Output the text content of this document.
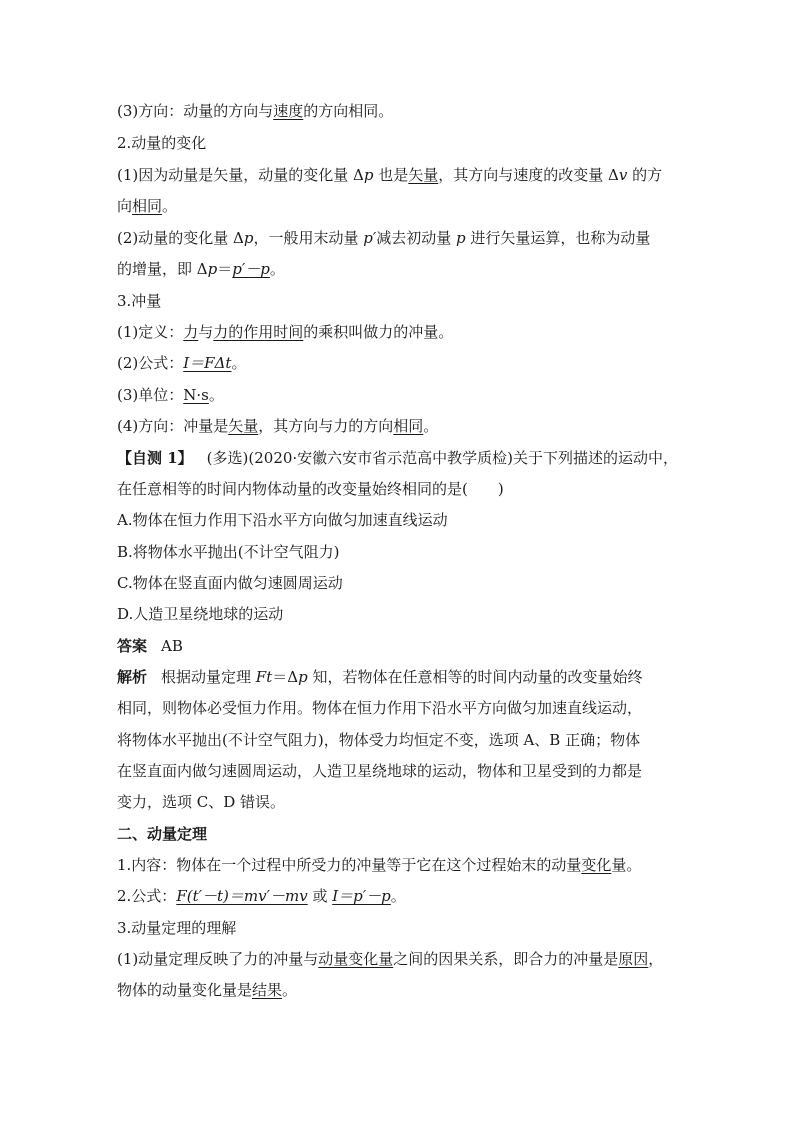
(3)方向：动量的方向与速度的方向相同。
2.动量的变化
(1)因为动量是矢量，动量的变化量 Δp 也是矢量，其方向与速度的改变量 Δv 的方
向相同。
(2)动量的变化量 Δp，一般用末动量 p′减去初动量 p 进行矢量运算，也称为动量
的增量，即 Δp＝p′－p。
3.冲量
(1)定义：力与力的作用时间的乘积叫做力的冲量。
(2)公式：I＝FΔt。
(3)单位：N·s。
(4)方向：冲量是矢量，其方向与力的方向相同。
【自测 1】 (多选)(2020·安徽六安市省示范高中教学质检)关于下列描述的运动中，
在任意相等的时间内物体动量的改变量始终相同的是(　　)
A.物体在恒力作用下沿水平方向做匀加速直线运动
B.将物体水平抛出(不计空气阻力)
C.物体在竖直面内做匀速圆周运动
D.人造卫星绕地球的运动
答案 AB
解析 根据动量定理 Ft＝Δp 知，若物体在任意相等的时间内动量的改变量始终
相同，则物体必受恒力作用。物体在恒力作用下沿水平方向做匀加速直线运动，
将物体水平抛出(不计空气阻力)，物体受力均恒定不变，选项 A、B 正确；物体
在竖直面内做匀速圆周运动，人造卫星绕地球的运动，物体和卫星受到的力都是
变力，选项 C、D 错误。
二、动量定理
1.内容：物体在一个过程中所受力的冲量等于它在这个过程始末的动量变化量。
2.公式：F(t′－t)＝mv′－mv 或 I＝p′－p。
3.动量定理的理解
(1)动量定理反映了力的冲量与动量变化量之间的因果关系，即合力的冲量是原因，
物体的动量变化量是结果。
